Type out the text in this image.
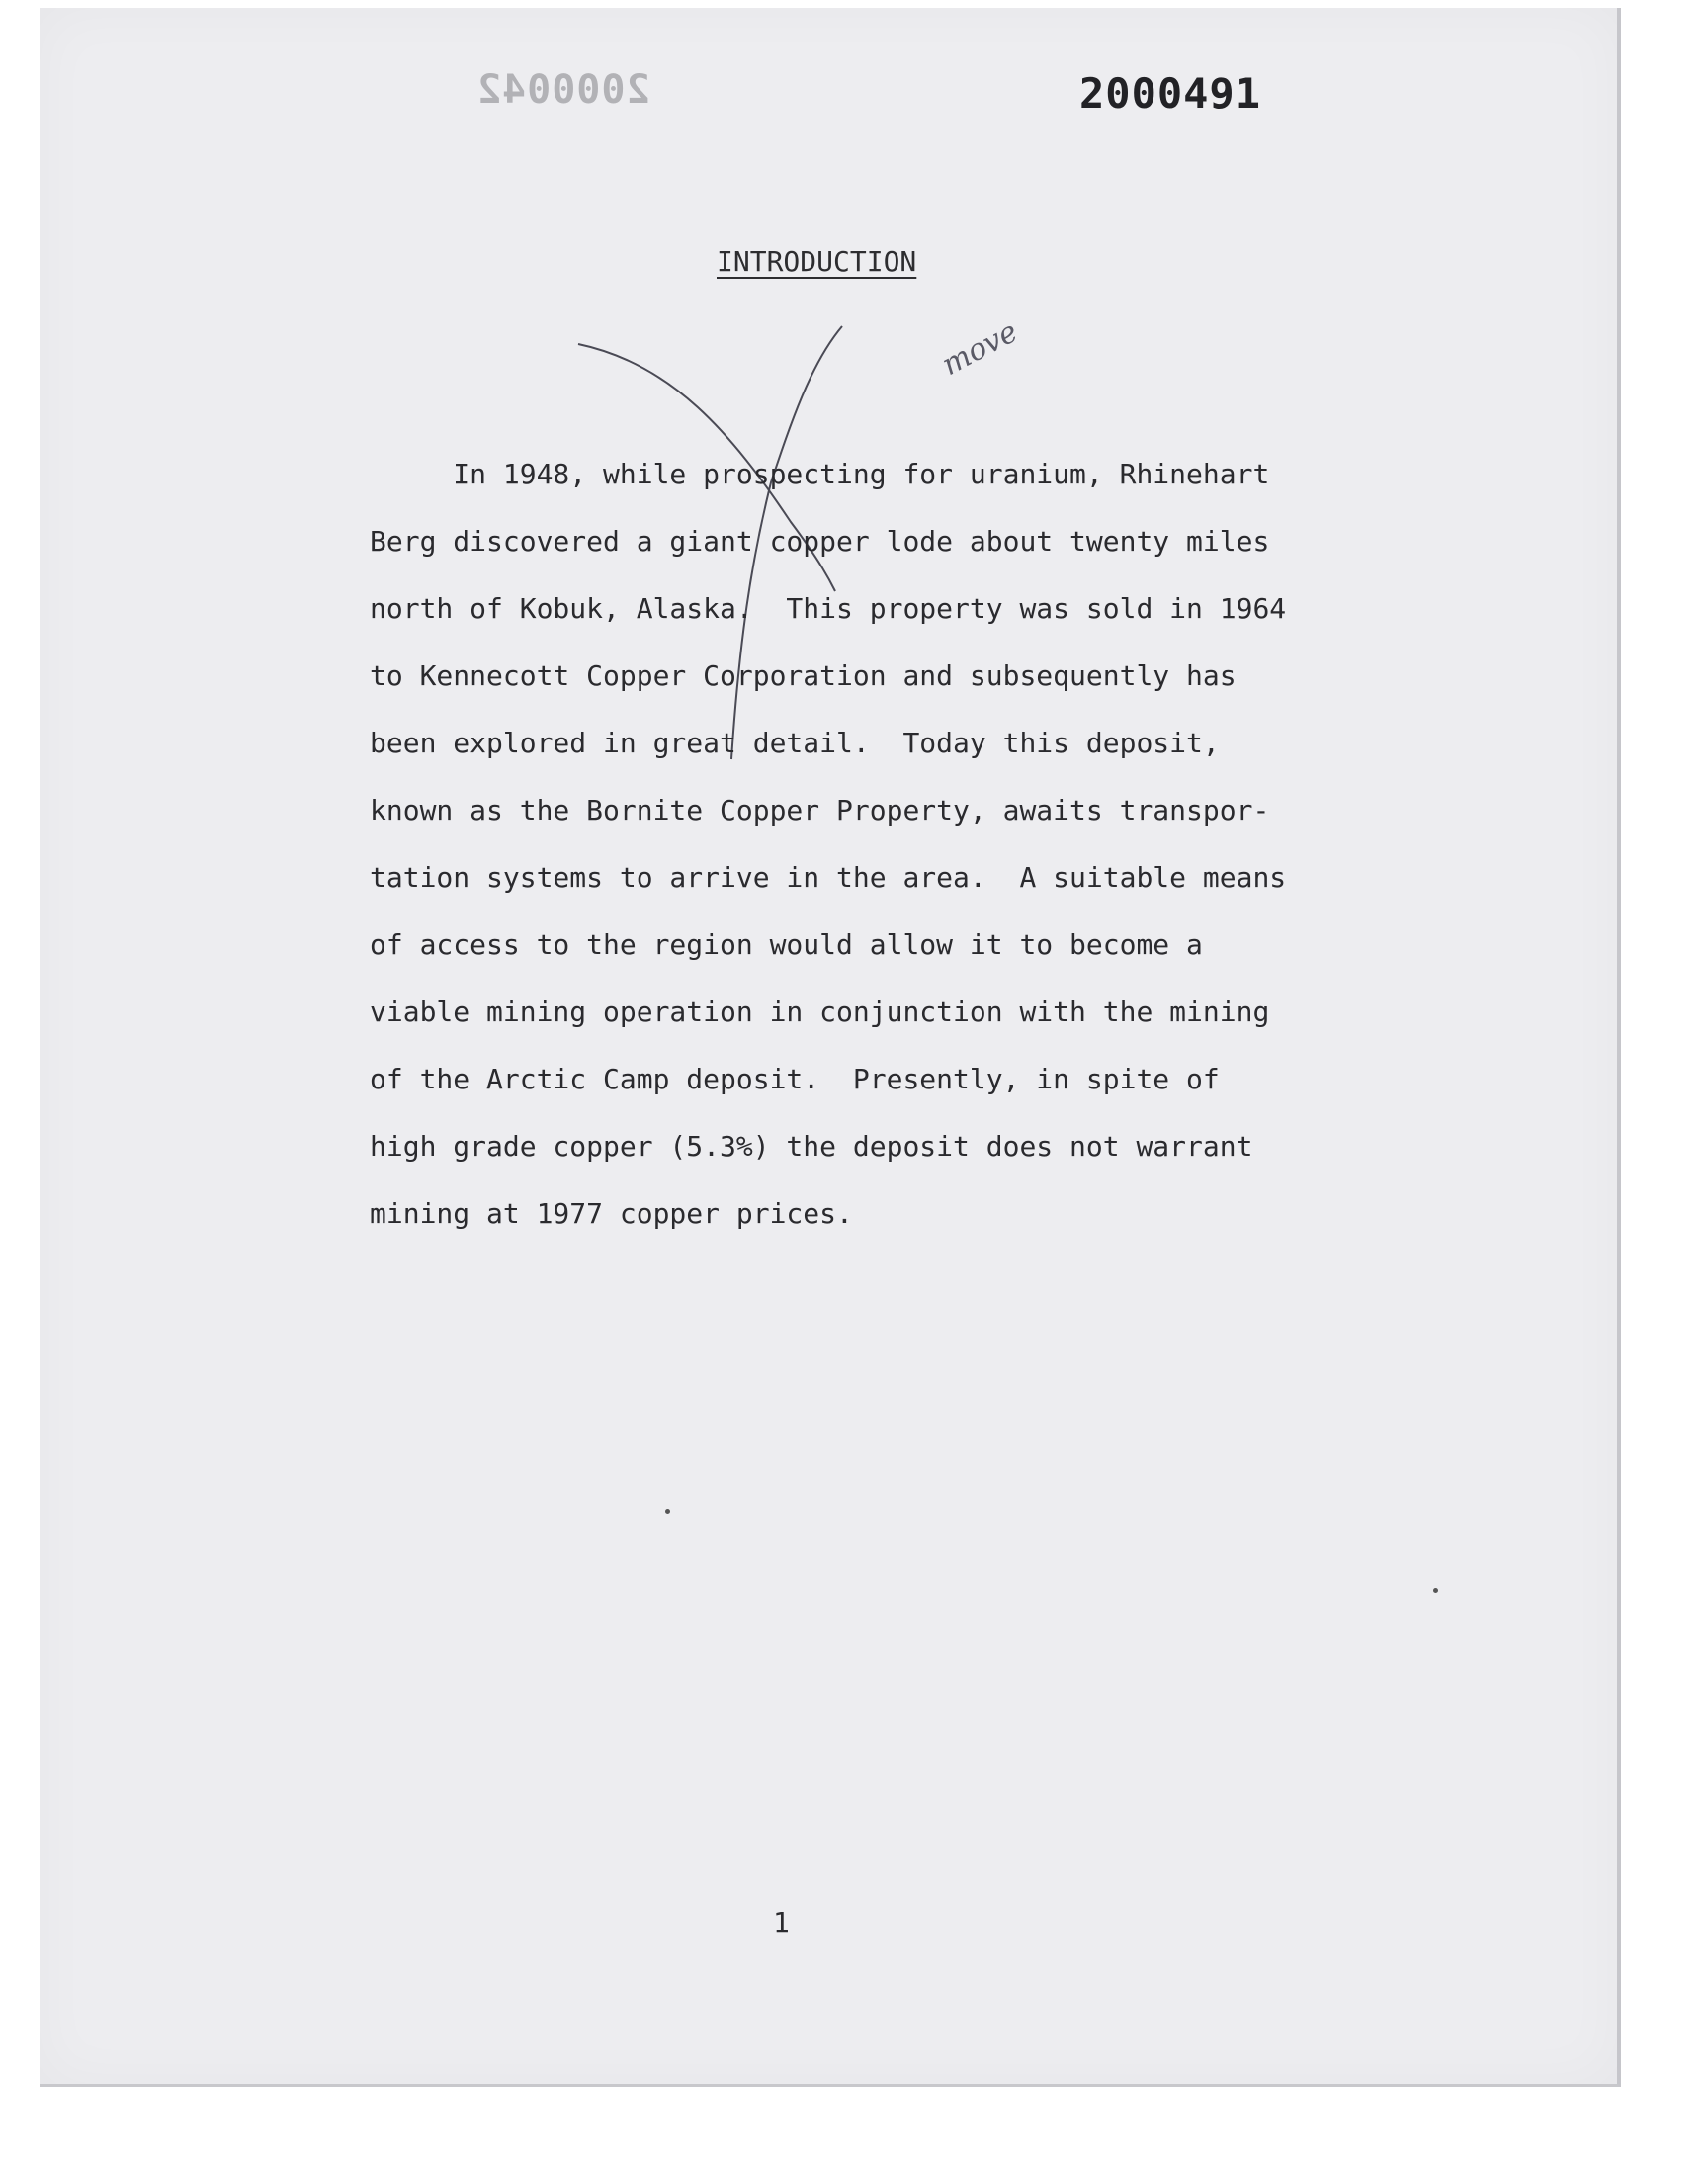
2000042	2000491
INTRODUCTION
move

In 1948, while prospecting for uranium, Rhinehart
Berg discovered a giant copper lode about twenty miles
north of Kobuk, Alaska.  This property was sold in 1964
to Kennecott Copper Corporation and subsequently has
been explored in great detail.  Today this deposit,
known as the Bornite Copper Property, awaits transpor-
tation systems to arrive in the area.  A suitable means
of access to the region would allow it to become a
viable mining operation in conjunction with the mining
of the Arctic Camp deposit.  Presently, in spite of
high grade copper (5.3%) the deposit does not warrant
mining at 1977 copper prices.

1
